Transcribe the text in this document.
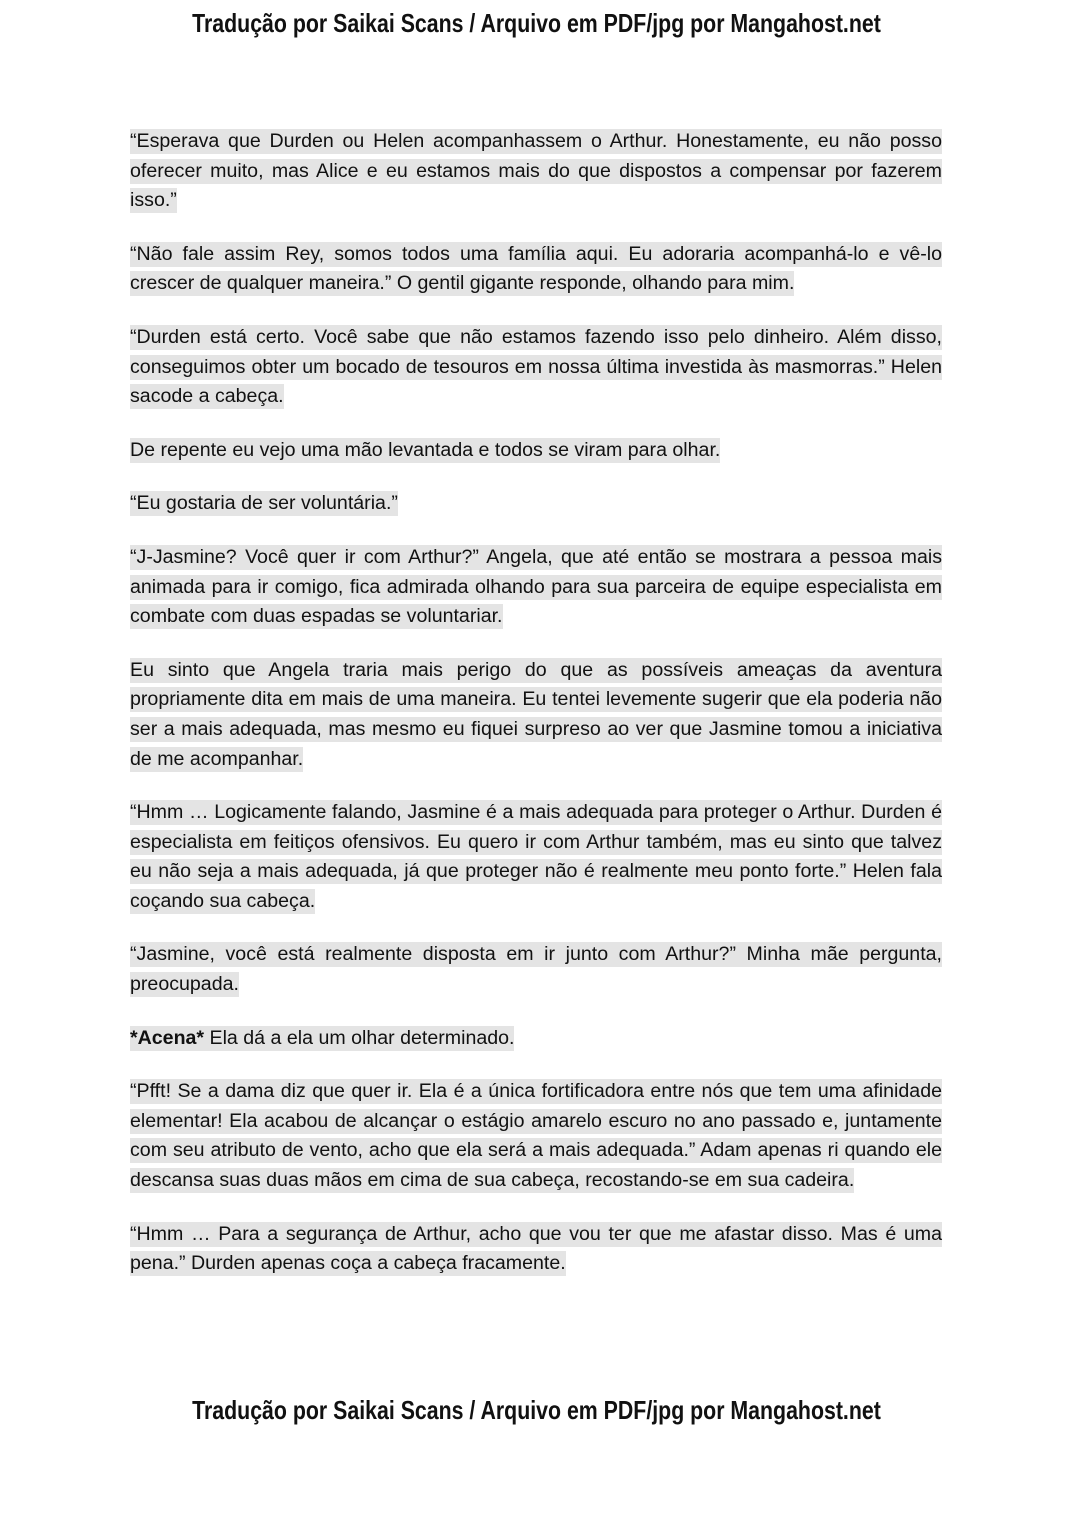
Tradução por Saikai Scans / Arquivo em PDF/jpg por Mangahost.net

“Esperava que Durden ou Helen acompanhassem o Arthur. Honestamente, eu não posso oferecer muito, mas Alice e eu estamos mais do que dispostos a compensar por fazerem isso.”

“Não fale assim Rey, somos todos uma família aqui. Eu adoraria acompanhá-lo e vê-lo crescer de qualquer maneira.” O gentil gigante responde, olhando para mim.

“Durden está certo. Você sabe que não estamos fazendo isso pelo dinheiro. Além disso, conseguimos obter um bocado de tesouros em nossa última investida às masmorras.” Helen sacode a cabeça.

De repente eu vejo uma mão levantada e todos se viram para olhar.

“Eu gostaria de ser voluntária.”

“J-Jasmine? Você quer ir com Arthur?” Angela, que até então se mostrara a pessoa mais animada para ir comigo, fica admirada olhando para sua parceira de equipe especialista em combate com duas espadas se voluntariar.

Eu sinto que Angela traria mais perigo do que as possíveis ameaças da aventura propriamente dita em mais de uma maneira. Eu tentei levemente sugerir que ela poderia não ser a mais adequada, mas mesmo eu fiquei surpreso ao ver que Jasmine tomou a iniciativa de me acompanhar.

“Hmm … Logicamente falando, Jasmine é a mais adequada para proteger o Arthur. Durden é especialista em feitiços ofensivos. Eu quero ir com Arthur também, mas eu sinto que talvez eu não seja a mais adequada, já que proteger não é realmente meu ponto forte.” Helen fala coçando sua cabeça.

“Jasmine, você está realmente disposta em ir junto com Arthur?” Minha mãe pergunta, preocupada.

*Acena* Ela dá a ela um olhar determinado.

“Pfft! Se a dama diz que quer ir. Ela é a única fortificadora entre nós que tem uma afinidade elementar! Ela acabou de alcançar o estágio amarelo escuro no ano passado e, juntamente com seu atributo de vento, acho que ela será a mais adequada.” Adam apenas ri quando ele descansa suas duas mãos em cima de sua cabeça, recostando-se em sua cadeira.

“Hmm … Para a segurança de Arthur, acho que vou ter que me afastar disso. Mas é uma pena.” Durden apenas coça a cabeça fracamente.

Tradução por Saikai Scans / Arquivo em PDF/jpg por Mangahost.net
